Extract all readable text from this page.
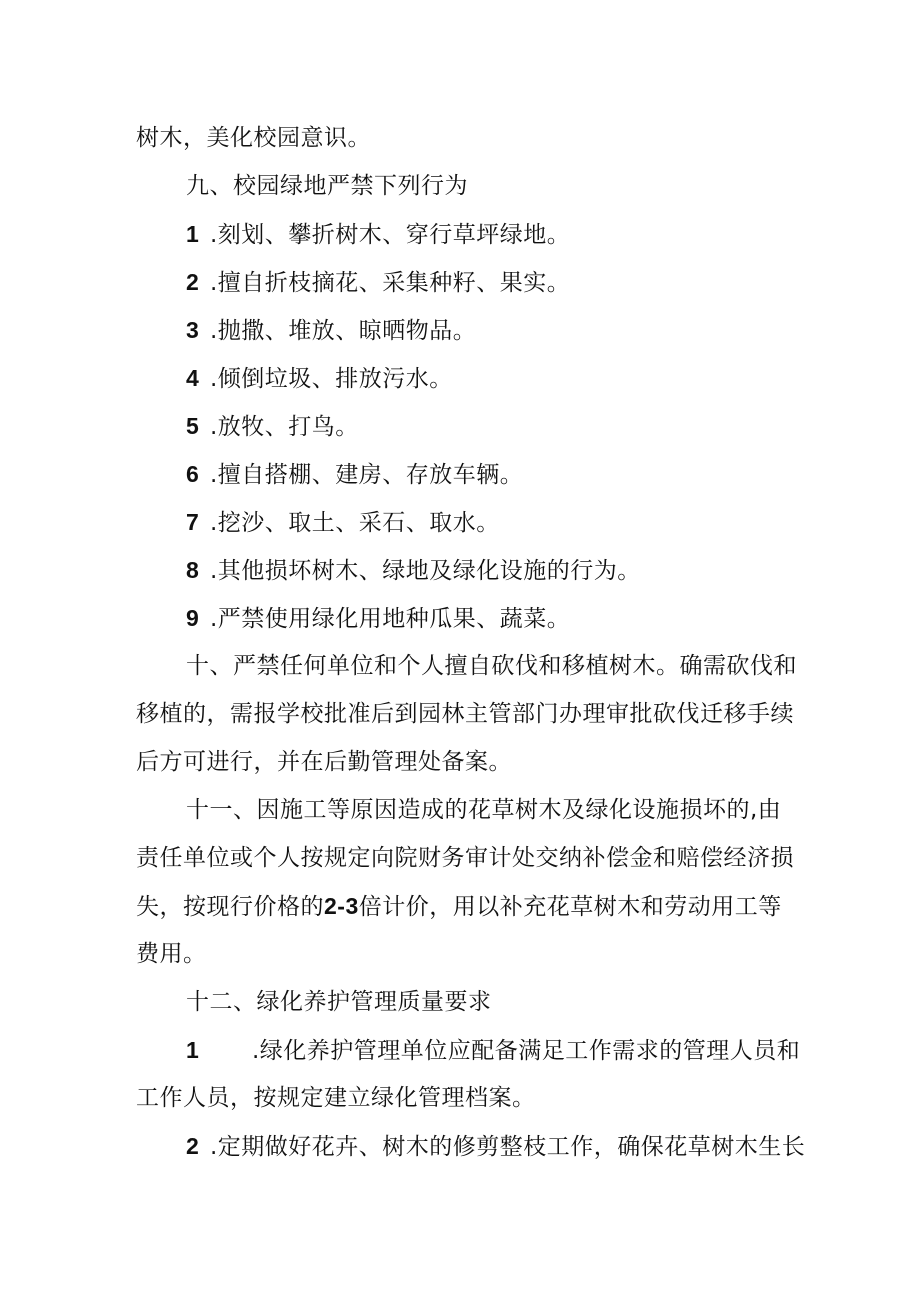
树木，美化校园意识。
九、校园绿地严禁下列行为
1 .刻划、攀折树木、穿行草坪绿地。
2 .擅自折枝摘花、采集种籽、果实。
3 .抛撒、堆放、晾晒物品。
4 .倾倒垃圾、排放污水。
5 .放牧、打鸟。
6 .擅自搭棚、建房、存放车辆。
7 .挖沙、取土、采石、取水。
8 .其他损坏树木、绿地及绿化设施的行为。
9 .严禁使用绿化用地种瓜果、蔬菜。
十、严禁任何单位和个人擅自砍伐和移植树木。确需砍伐和
移植的，需报学校批准后到园林主管部门办理审批砍伐迁移手续
后方可进行，并在后勤管理处备案。
十一、因施工等原因造成的花草树木及绿化设施损坏的,由
责任单位或个人按规定向院财务审计处交纳补偿金和赔偿经济损
失，按现行价格的2-3倍计价，用以补充花草树木和劳动用工等
费用。
十二、绿化养护管理质量要求
1 .绿化养护管理单位应配备满足工作需求的管理人员和
工作人员，按规定建立绿化管理档案。
2 .定期做好花卉、树木的修剪整枝工作，确保花草树木生长
